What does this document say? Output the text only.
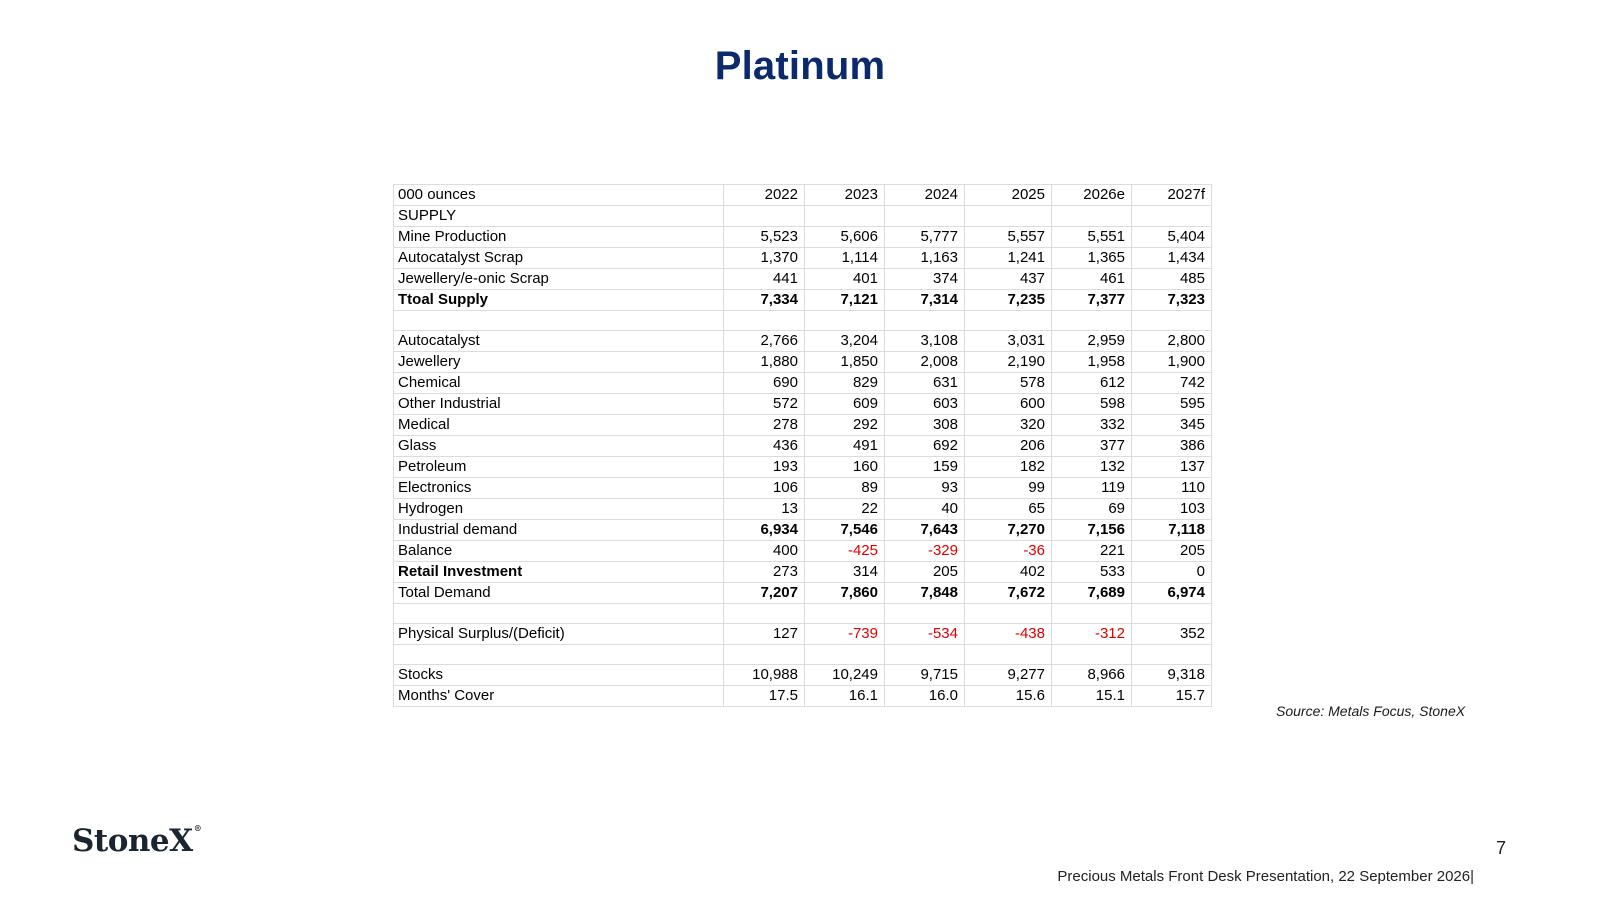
Platinum
000 ounces	2022	2023	2024	2025	2026e	2027f
SUPPLY						
Mine Production	5,523	5,606	5,777	5,557	5,551	5,404
Autocatalyst Scrap	1,370	1,114	1,163	1,241	1,365	1,434
Jewellery/e-onic Scrap	441	401	374	437	461	485
Ttoal Supply	7,334	7,121	7,314	7,235	7,377	7,323

Autocatalyst	2,766	3,204	3,108	3,031	2,959	2,800
Jewellery	1,880	1,850	2,008	2,190	1,958	1,900
Chemical	690	829	631	578	612	742
Other Industrial	572	609	603	600	598	595
Medical	278	292	308	320	332	345
Glass	436	491	692	206	377	386
Petroleum	193	160	159	182	132	137
Electronics	106	89	93	99	119	110
Hydrogen	13	22	40	65	69	103
Industrial demand	6,934	7,546	7,643	7,270	7,156	7,118
Balance	400	-425	-329	-36	221	205
Retail Investment	273	314	205	402	533	0
Total Demand	7,207	7,860	7,848	7,672	7,689	6,974

Physical Surplus/(Deficit)	127	-739	-534	-438	-312	352

Stocks	10,988	10,249	9,715	9,277	8,966	9,318
Months' Cover	17.5	16.1	16.0	15.6	15.1	15.7
Source: Metals Focus, StoneX
StoneX®
7
Precious Metals Front Desk Presentation, 22 September 2026|
